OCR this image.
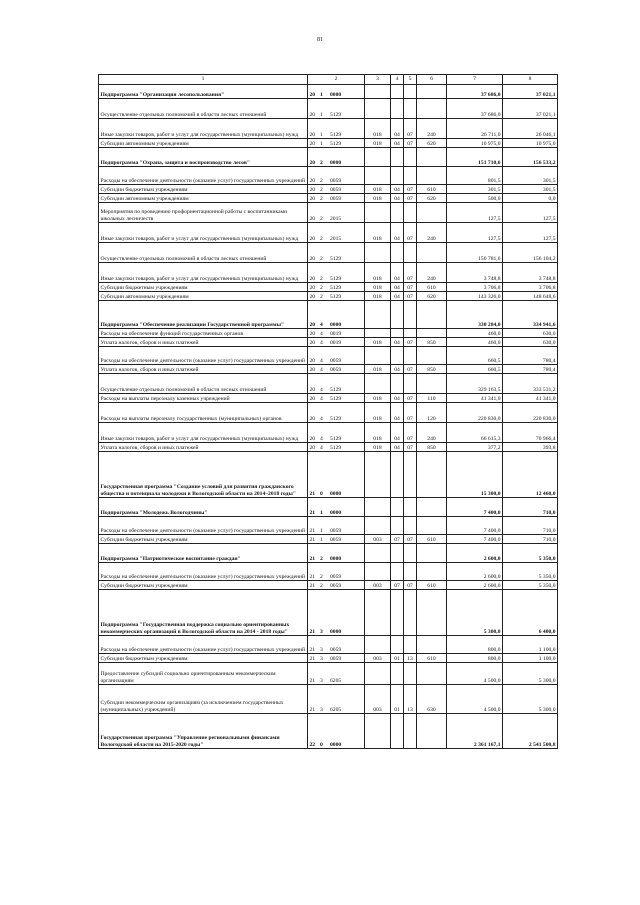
81
1	2			3	4	5	6	7	8
Подпрограмма "Организация лесопользования"	20	1	0000					37 686,0	37 021,1
Осуществление отдельных полномочий в области лесных отношений	20	1	5129					37 686,0	37 021,1
Иные закупки товаров, работ и услуг для государственных (муниципальных) нужд	20	1	5129	018	04	07	240	26 711,0	26 046,1
Субсидии автономным учреждениям	20	1	5129	018	04	07	620	10 975,0	10 975,0
Подпрограмма "Охрана, защита и воспроизводство лесов"	20	2	0000					151 710,6	156 533,2
Расходы на обеспечение деятельности (оказание услуг) государственных учреждений	20	2	0059					801,5	301,5
Субсидии бюджетным учреждениям	20	2	0059	018	04	07	610	301,5	301,5
Субсидии автономным учреждениям	20	2	0059	018	04	07	620	500,0	0,0
Мероприятия по проведению профориентационной работы с воспитанниками школьных лесничеств	20	2	2015					127,5	127,5
Иные закупки товаров, работ и услуг для государственных (муниципальных) нужд	20	2	2015	018	04	07	240	127,5	127,5
Осуществление отдельных полномочий в области лесных отношений	20	2	5129					150 781,6	156 104,2
Иные закупки товаров, работ и услуг для государственных (муниципальных) нужд	20	2	5129	018	04	07	240	3 748,8	3 748,8
Субсидии бюджетным учреждениям	20	2	5129	018	04	07	610	3 706,8	3 706,8
Субсидии автономным учреждениям	20	2	5129	018	04	07	620	143 326,0	148 648,6
Подпрограмма "Обеспечение реализации Государственной программы"	20	4	0000					330 284,0	334 941,6
Расходы на обеспечение функций государственных органов	20	4	0019					460,0	630,0
Уплата налогов, сборов и иных платежей	20	4	0019	018	04	07	850	460,0	630,0
Расходы на обеспечение деятельности (оказание услуг) государственных учреждений	20	4	0059					660,5	780,4
Уплата налогов, сборов и иных платежей	20	4	0059	018	04	07	850	660,5	780,4
Осуществление отдельных полномочий в области лесных отношений	20	4	5129					329 163,5	333 531,2
Расходы на выплаты персоналу казенных учреждений	20	4	5129	018	04	07	110	41 341,0	41 341,0
Расходы на выплаты персоналу государственных (муниципальных) органов	20	4	5129	018	04	07	120	220 830,0	220 830,0
Иные закупки товаров, работ и услуг для государственных (муниципальных) нужд	20	4	5129	018	04	07	240	66 615,3	70 966,4
Уплата налогов, сборов и иных платежей	20	4	5129	018	04	07	850	377,2	393,8
Государственная программа "Создание условий для развития гражданского общества и потенциала молодежи в Вологодской области на 2014–2018 годы"	21	0	0000					15 300,0	12 460,0
Подпрограмма "Молодежь Вологодчины"	21	1	0000					7 400,0	710,0
Расходы на обеспечение деятельности (оказание услуг) государственных учреждений	21	1	0059					7 400,0	710,0
Субсидии бюджетным учреждениям	21	1	0059	003	07	07	610	7 400,0	710,0
Подпрограмма "Патриотическое воспитание граждан"	21	2	0000					2 600,0	5 350,0
Расходы на обеспечение деятельности (оказание услуг) государственных учреждений	21	2	0059					2 600,0	5 350,0
Субсидии бюджетным учреждениям	21	2	0059	003	07	07	610	2 600,0	5 350,0
Подпрограмма "Государственная поддержка социально ориентированных некоммерческих организаций в Вологодской области на 2014 - 2018 годы"	21	3	0000					5 300,0	6 400,0
Расходы на обеспечение деятельности (оказание услуг) государственных учреждений	21	3	0059					800,0	1 100,0
Субсидии бюджетным учреждениям	21	3	0059	003	01	13	610	800,0	1 100,0
Предоставление субсидий социально ориентированным некоммерческим организациям	21	3	6205					4 500,0	5 300,0
Субсидии некоммерческим организациям (за исключением государственных (муниципальных) учреждений)	21	3	6205	003	01	13	630	4 500,0	5 300,0
Государственная программа "Управление региональными финансами Вологодской области на 2015-2020 годы"	22	0	0000					2 361 167,1	2 541 500,8
